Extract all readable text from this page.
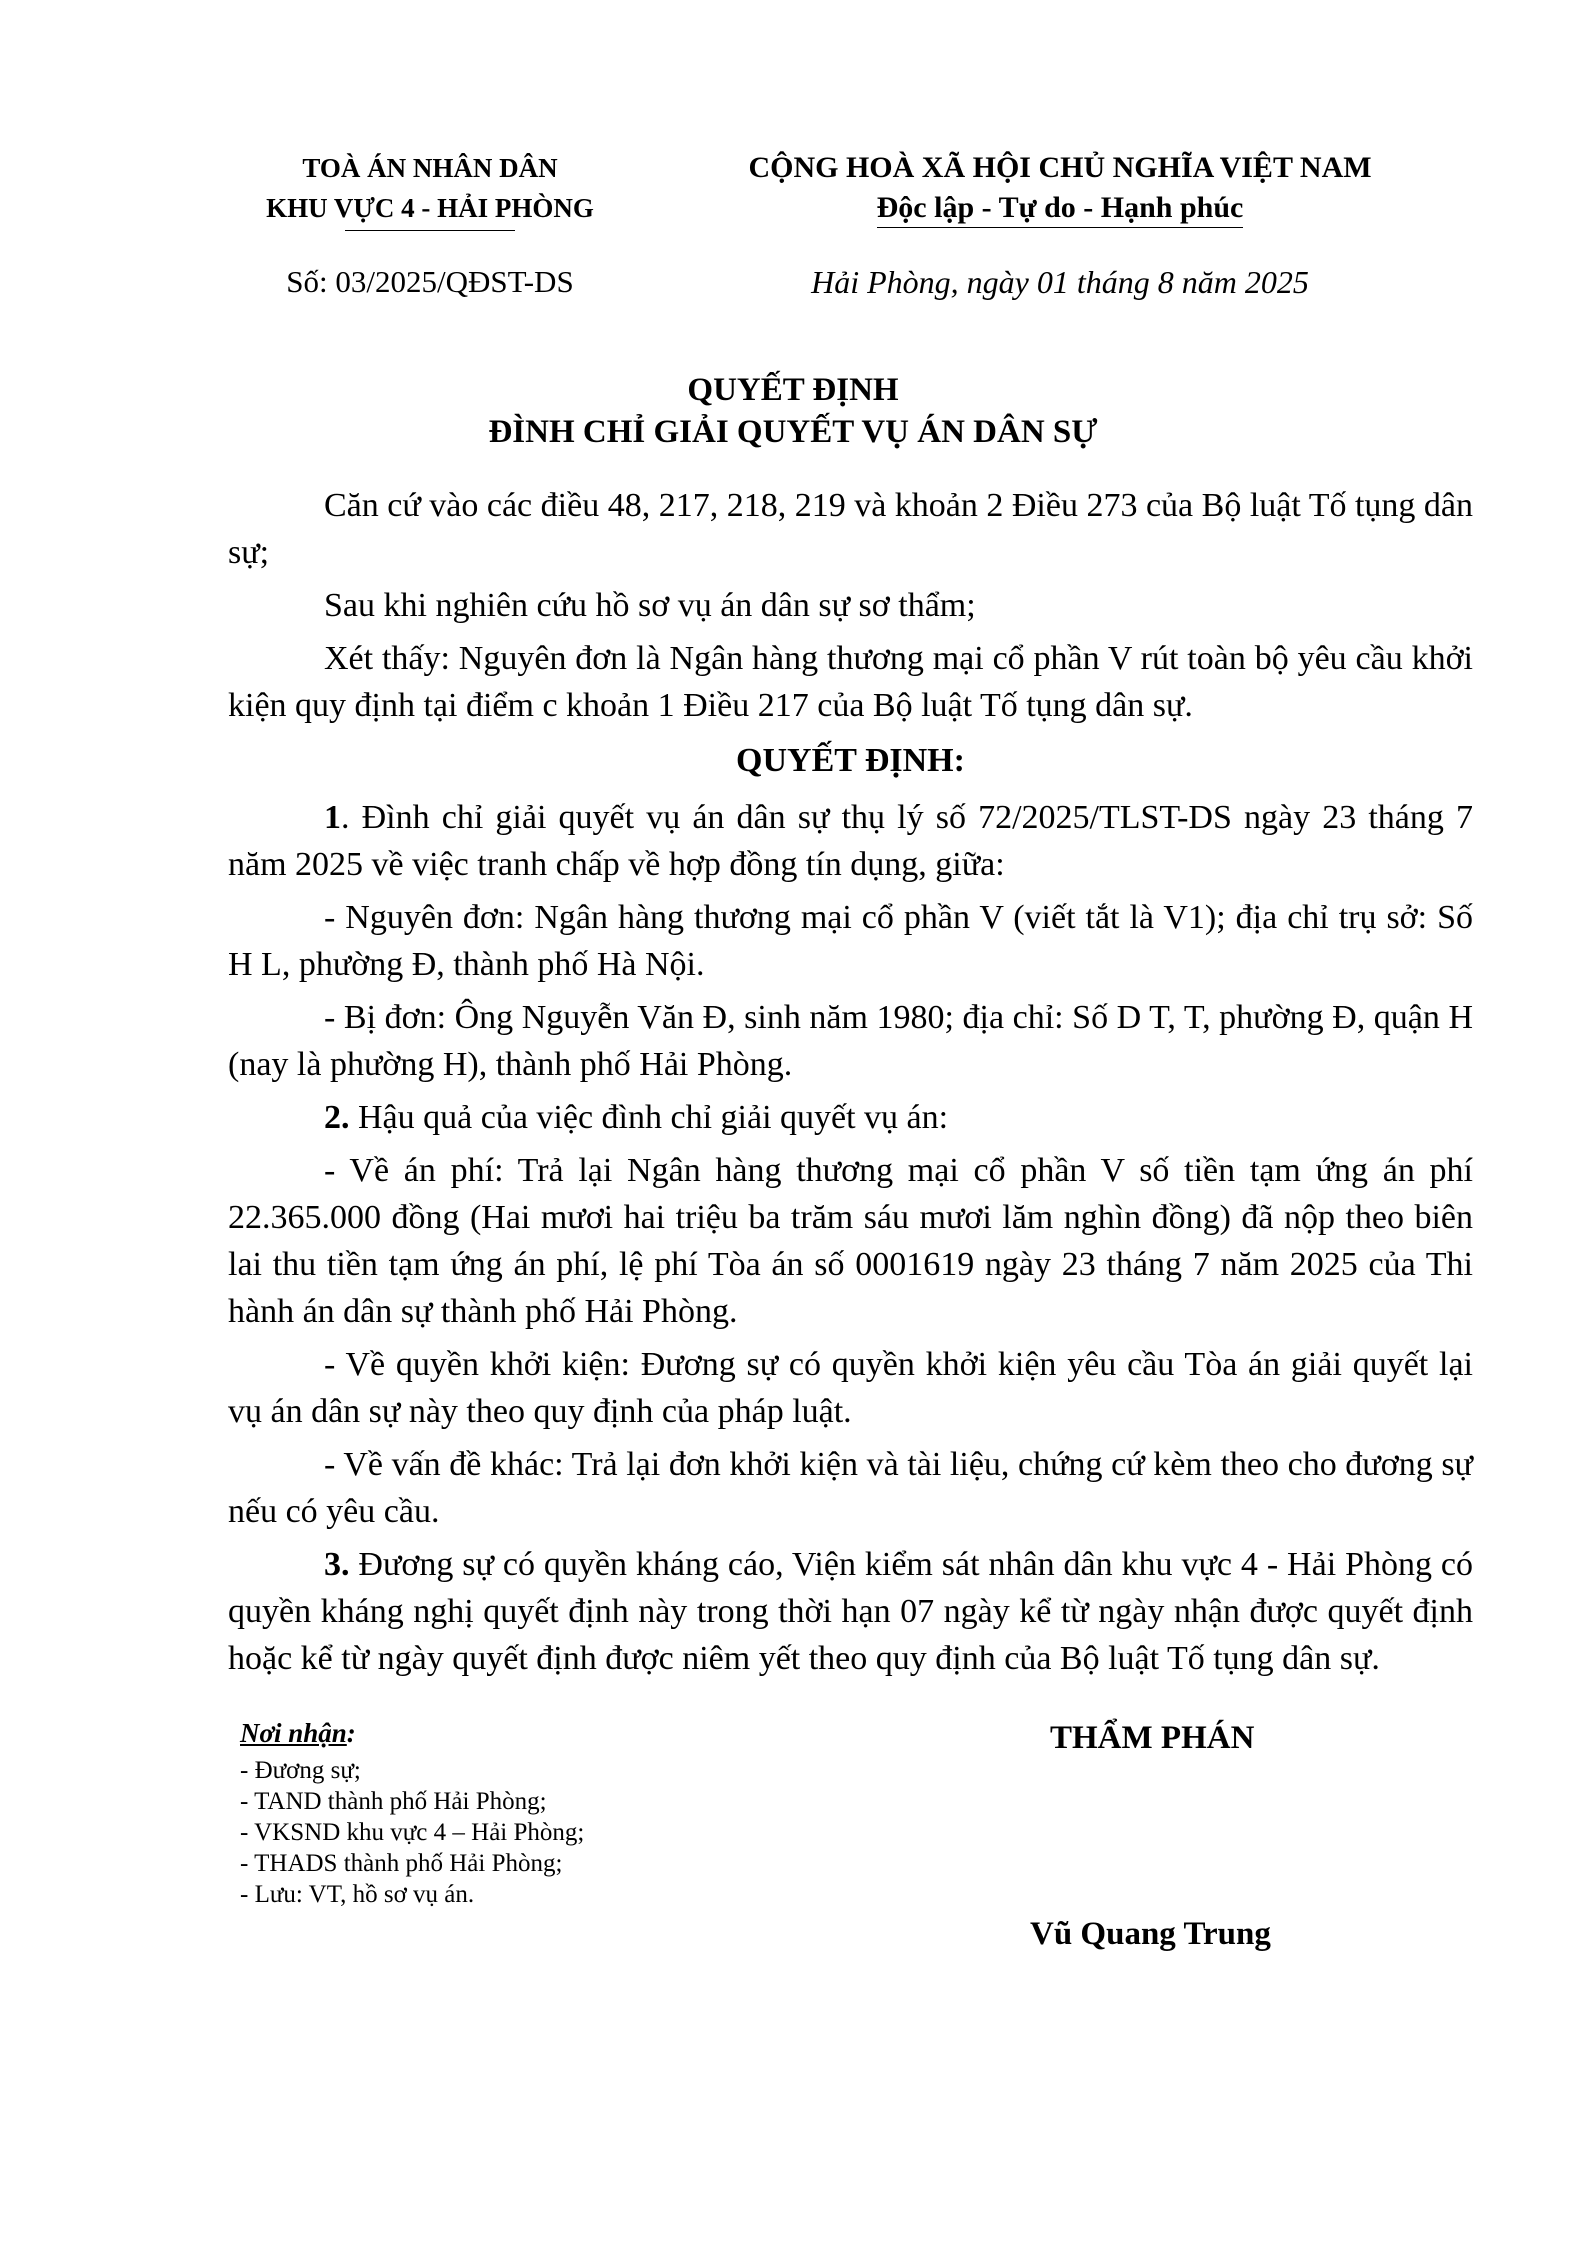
TOÀ ÁN NHÂN DÂN
KHU VỰC 4 - HẢI PHÒNG
CỘNG HOÀ XÃ HỘI CHỦ NGHĨA VIỆT NAM
Độc lập - Tự do - Hạnh phúc
Số: 03/2025/QĐST-DS	Hải Phòng, ngày 01 tháng 8 năm 2025
QUYẾT ĐỊNH
ĐÌNH CHỈ GIẢI QUYẾT VỤ ÁN DÂN SỰ

Căn cứ vào các điều 48, 217, 218, 219 và khoản 2 Điều 273 của Bộ luật Tố tụng dân sự;

Sau khi nghiên cứu hồ sơ vụ án dân sự sơ thẩm;

Xét thấy: Nguyên đơn là Ngân hàng thương mại cổ phần V rút toàn bộ yêu cầu khởi kiện quy định tại điểm c khoản 1 Điều 217 của Bộ luật Tố tụng dân sự.

QUYẾT ĐỊNH:

1. Đình chỉ giải quyết vụ án dân sự thụ lý số 72/2025/TLST-DS ngày 23 tháng 7 năm 2025 về việc tranh chấp về hợp đồng tín dụng, giữa:

- Nguyên đơn: Ngân hàng thương mại cổ phần V (viết tắt là V1); địa chỉ trụ sở: Số H L, phường Đ, thành phố Hà Nội.

- Bị đơn: Ông Nguyễn Văn Đ, sinh năm 1980; địa chỉ: Số D T, T, phường Đ, quận H (nay là phường H), thành phố Hải Phòng.

2. Hậu quả của việc đình chỉ giải quyết vụ án:

- Về án phí: Trả lại Ngân hàng thương mại cổ phần V số tiền tạm ứng án phí 22.365.000 đồng (Hai mươi hai triệu ba trăm sáu mươi lăm nghìn đồng) đã nộp theo biên lai thu tiền tạm ứng án phí, lệ phí Tòa án số 0001619 ngày 23 tháng 7 năm 2025 của Thi hành án dân sự thành phố Hải Phòng.

- Về quyền khởi kiện: Đương sự có quyền khởi kiện yêu cầu Tòa án giải quyết lại vụ án dân sự này theo quy định của pháp luật.

- Về vấn đề khác: Trả lại đơn khởi kiện và tài liệu, chứng cứ kèm theo cho đương sự nếu có yêu cầu.

3. Đương sự có quyền kháng cáo, Viện kiểm sát nhân dân khu vực 4 - Hải Phòng có quyền kháng nghị quyết định này trong thời hạn 07 ngày kể từ ngày nhận được quyết định hoặc kể từ ngày quyết định được niêm yết theo quy định của Bộ luật Tố tụng dân sự.

Nơi nhận:
- Đương sự;
- TAND thành phố Hải Phòng;
- VKSND khu vực 4 – Hải Phòng;
- THADS thành phố Hải Phòng;
- Lưu: VT, hồ sơ vụ án.
THẨM PHÁN
Vũ Quang Trung
